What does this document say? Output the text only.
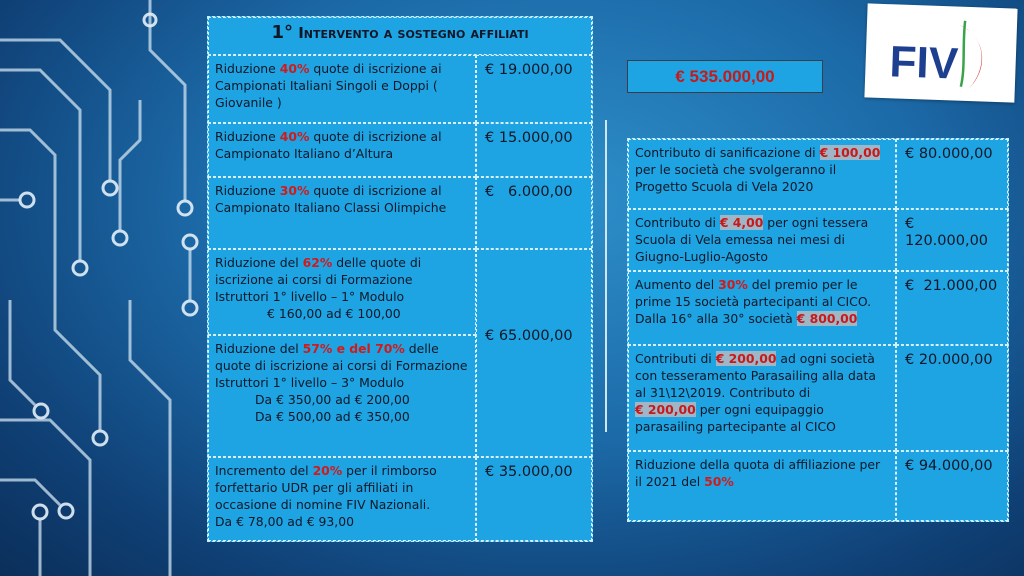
1° Intervento a sostegno affiliati
Riduzione 40% quote di iscrizione ai Campionati Italiani Singoli e Doppi ( Giovanile )
€ 19.000,00
Riduzione 40% quote di iscrizione al Campionato Italiano d’Altura
€ 15.000,00
Riduzione 30% quote di iscrizione al Campionato Italiano Classi Olimpiche
€   6.000,00
Riduzione del 62% delle quote di iscrizione ai corsi di Formazione Istruttori 1° livello – 1° Modulo
€ 160,00 ad € 100,00
Riduzione del 57% e del 70% delle quote di iscrizione ai corsi di Formazione Istruttori 1° livello – 3° Modulo
Da € 350,00 ad € 200,00
Da € 500,00 ad € 350,00
€ 65.000,00
Incremento del 20% per il rimborso forfettario UDR per gli affiliati in occasione di nomine FIV Nazionali.
Da € 78,00 ad € 93,00
€ 35.000,00
€ 535.000,00	FIV
Contributo di sanificazione di € 100,00 per le società che svolgeranno il Progetto Scuola di Vela 2020
€ 80.000,00
Contributo di € 4,00 per ogni tessera Scuola di Vela emessa nei mesi di Giugno-Luglio-Agosto
€ 120.000,00
Aumento del 30% del premio per le prime 15 società partecipanti al CICO. Dalla 16° alla 30° società € 800,00
€  21.000,00
Contributi di € 200,00 ad ogni società con tesseramento Parasailing alla data al 31\12\2019. Contributo di
€ 200,00 per ogni equipaggio parasailing partecipante al CICO
€ 20.000,00
Riduzione della quota di affiliazione per il 2021 del 50%
€ 94.000,00
